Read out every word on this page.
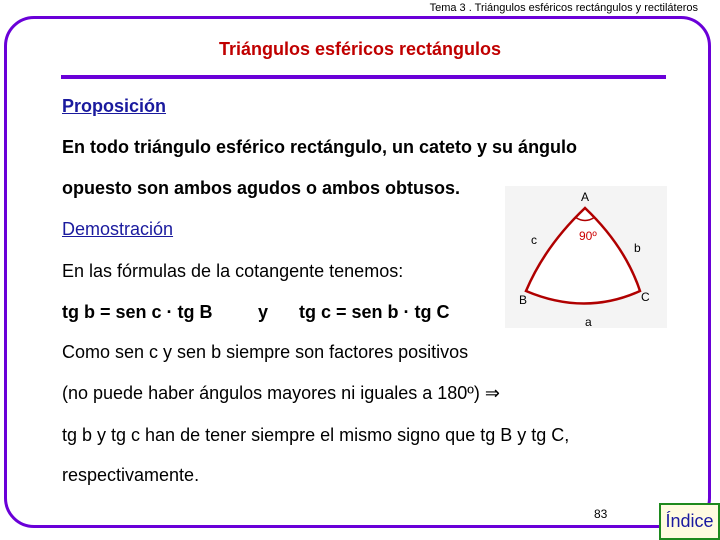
Tema 3 . Triángulos esféricos rectángulos y rectiláteros
Triángulos esféricos rectángulos
Proposición
En todo triángulo esférico rectángulo, un cateto y su ángulo
opuesto son ambos agudos o ambos obtusos.
Demostración
En las fórmulas de la cotangente tenemos:
tg b = sen c · tg B	y tg c = sen b · tg C
Como sen c y sen b siempre son factores positivos
(no puede haber ángulos mayores ni iguales a 180º) ⇒
tg b y tg c han de tener siempre el mismo signo que tg B y tg C,
respectivamente.
A
90º
c
b
B	C
a
83	Índice
